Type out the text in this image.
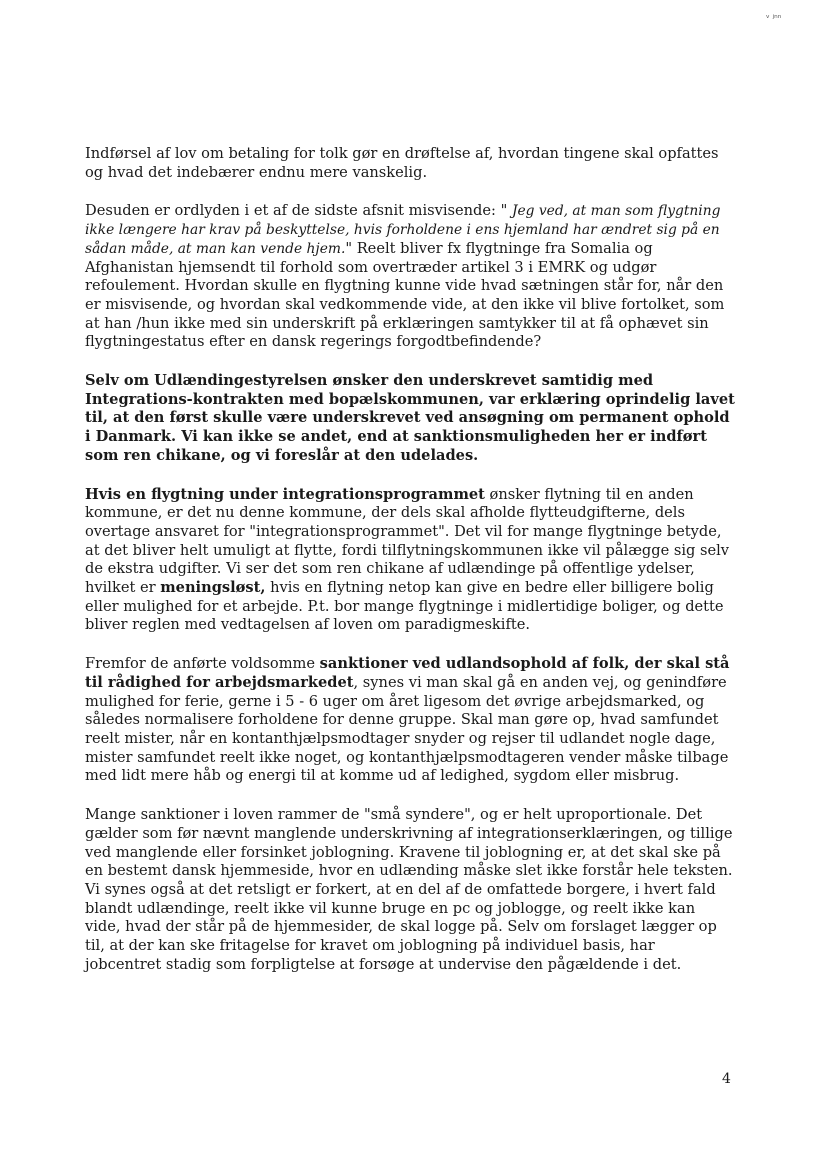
ᵛ ʲⁿⁿ

Indførsel af lov om betaling for tolk gør en drøftelse af, hvordan tingene skal opfattes og hvad det indebærer endnu mere vanskelig.

Desuden er ordlyden i et af de sidste afsnit misvisende: " Jeg ved, at man som flygtning ikke længere har krav på beskyttelse, hvis forholdene i ens hjemland har ændret sig på en sådan måde, at man kan vende hjem." Reelt bliver fx flygtninge fra Somalia og Afghanistan hjemsendt til forhold som overtræder artikel 3 i EMRK og udgør refoulement. Hvordan skulle en flygtning kunne vide hvad sætningen står for, når den er misvisende, og hvordan skal vedkommende vide, at den ikke vil blive fortolket, som at han /hun ikke med sin underskrift på erklæringen samtykker til at få ophævet sin flygtningestatus efter en dansk regerings forgodtbefindende?

Selv om Udlændingestyrelsen ønsker den underskrevet samtidig med Integrations-kontrakten med bopælskommunen, var erklæring oprindelig lavet til, at den først skulle være underskrevet ved ansøgning om permanent ophold i Danmark. Vi kan ikke se andet, end at sanktionsmuligheden her er indført som ren chikane, og vi foreslår at den udelades.

Hvis en flygtning under integrationsprogrammet ønsker flytning til en anden kommune, er det nu denne kommune, der dels skal afholde flytteudgifterne, dels overtage ansvaret for "integrationsprogrammet". Det vil for mange flygtninge betyde, at det bliver helt umuligt at flytte, fordi tilflytningskommunen ikke vil pålægge sig selv de ekstra udgifter. Vi ser det som ren chikane af udlændinge på offentlige ydelser, hvilket er meningsløst, hvis en flytning netop kan give en bedre eller billigere bolig eller mulighed for et arbejde. P.t. bor mange flygtninge i midlertidige boliger, og dette bliver reglen med vedtagelsen af loven om paradigmeskifte.

Fremfor de anførte voldsomme sanktioner ved udlandsophold af folk, der skal stå til rådighed for arbejdsmarkedet, synes vi man skal gå en anden vej, og genindføre mulighed for ferie, gerne i 5 - 6 uger om året ligesom det øvrige arbejdsmarked, og således normalisere forholdene for denne gruppe. Skal man gøre op, hvad samfundet reelt mister, når en kontanthjælpsmodtager snyder og rejser til udlandet nogle dage, mister samfundet reelt ikke noget, og kontanthjælpsmodtageren vender måske tilbage med lidt mere håb og energi til at komme ud af ledighed, sygdom eller misbrug.

Mange sanktioner i loven rammer de "små syndere", og er helt uproportionale. Det gælder som før nævnt manglende underskrivning af integrationserklæringen, og tillige ved manglende eller forsinket joblogning. Kravene til joblogning er, at det skal ske på en bestemt dansk hjemmeside, hvor en udlænding måske slet ikke forstår hele teksten.
Vi synes også at det retsligt er forkert, at en del af de omfattede borgere, i hvert fald blandt udlændinge, reelt ikke vil kunne bruge en pc og joblogge, og reelt ikke kan vide, hvad der står på de hjemmesider, de skal logge på. Selv om forslaget lægger op til, at der kan ske fritagelse for kravet om joblogning på individuel basis, har jobcentret stadig som forpligtelse at forsøge at undervise den pågældende i det.

4
